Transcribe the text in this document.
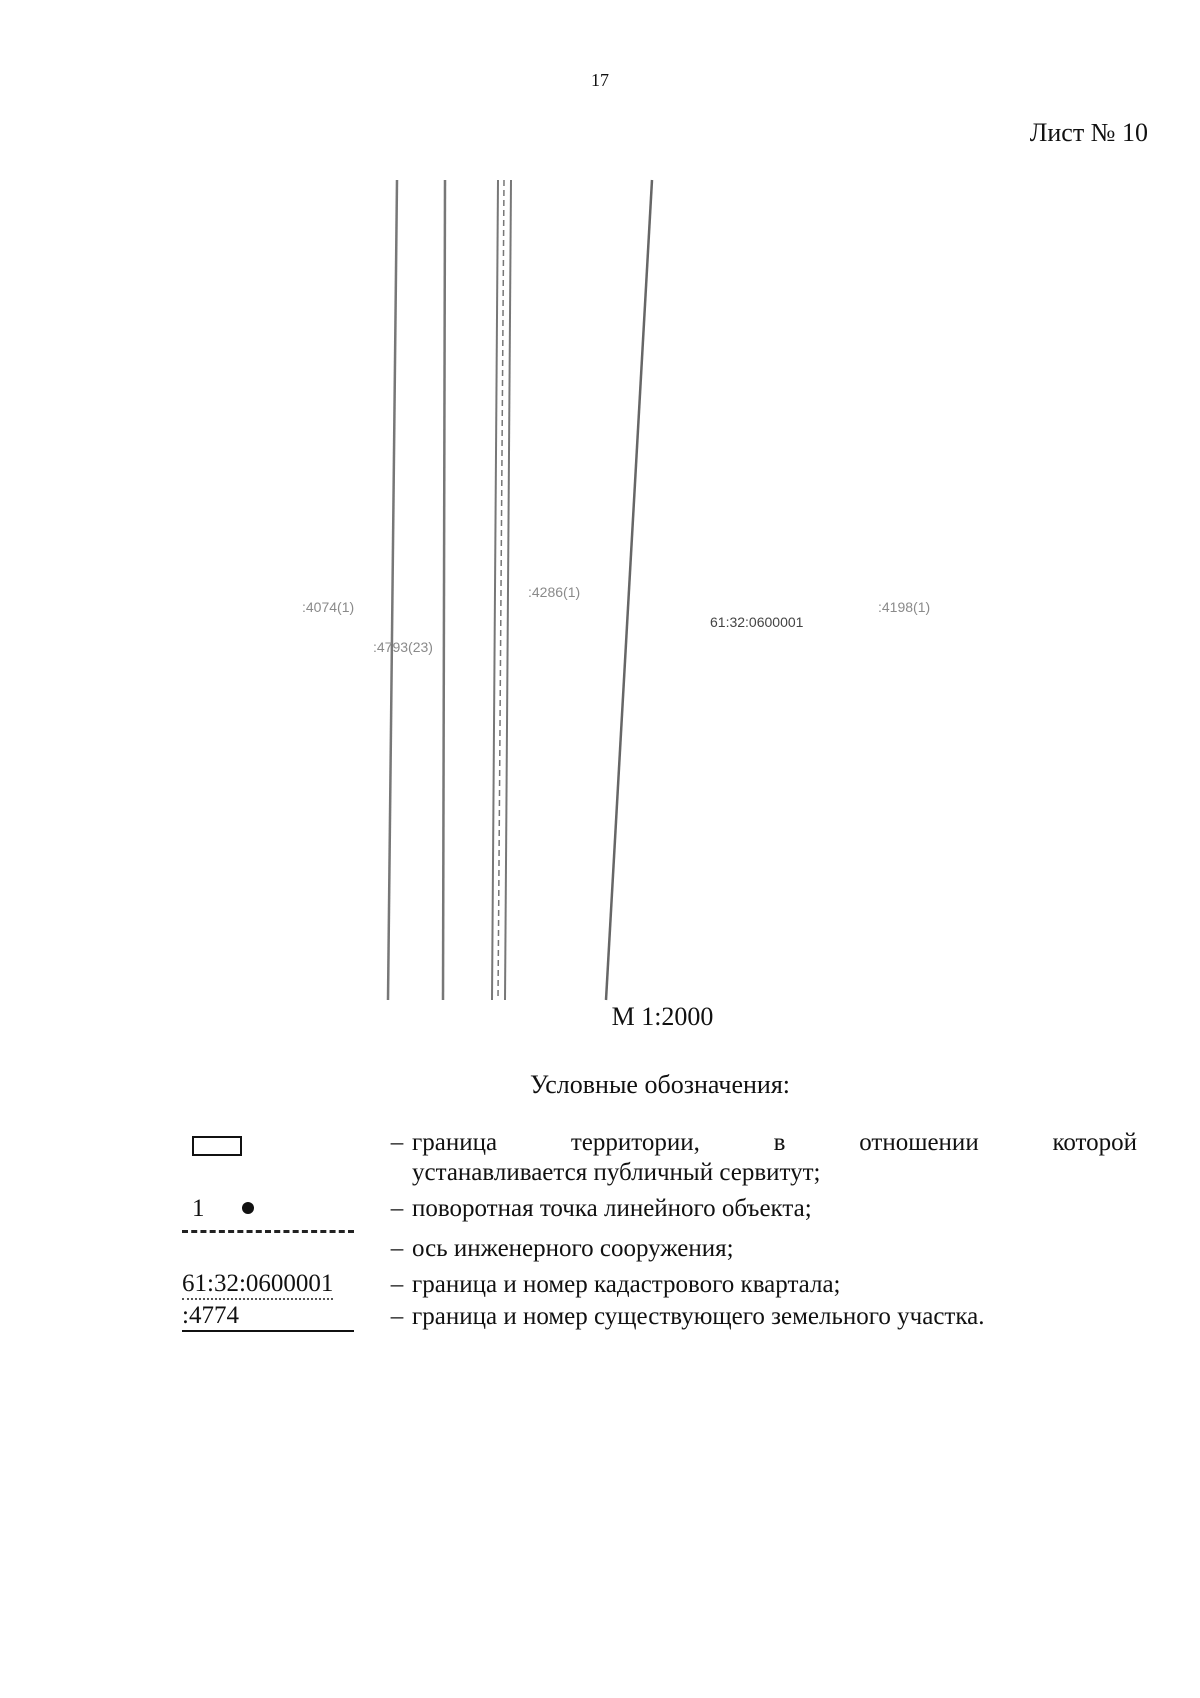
17
Лист № 10
:4074(1)
:4793(23)
:4286(1)
61:32:0600001
:4198(1)
М 1:2000
Условные обозначения:
– граница территории, в отношении которой
устанавливается публичный сервитут;
1	– поворотная точка линейного объекта;
– ось инженерного сооружения;
61:32:0600001	– граница и номер кадастрового квартала;
:4774	– граница и номер существующего земельного участка.
